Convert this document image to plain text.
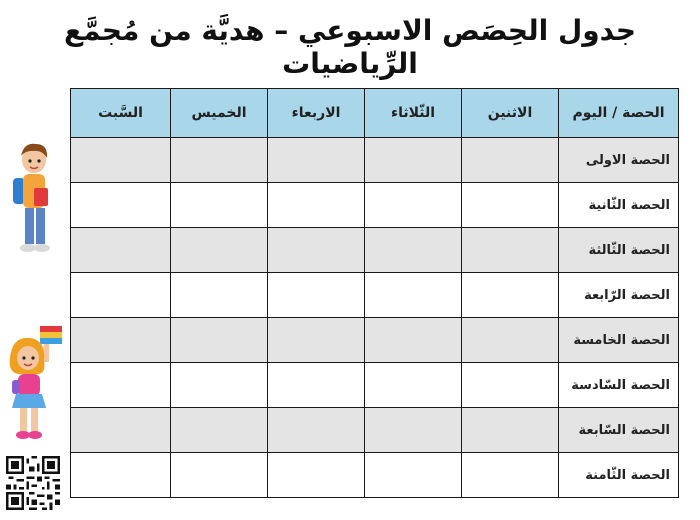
جدول الحِصَص الاسبوعي – هديَّة من مُجمَّع الرِّياضيات
الحصة / اليوم	الاثنين	الثّلاثاء	الاربعاء	الخميس	السَّبت
الحصة الاولى					
الحصة الثّانية					
الحصة الثّالثة					
الحصة الرّابعة					
الحصة الخامسة					
الحصة السّادسة					
الحصة السّابعة					
الحصة الثّامنة					
